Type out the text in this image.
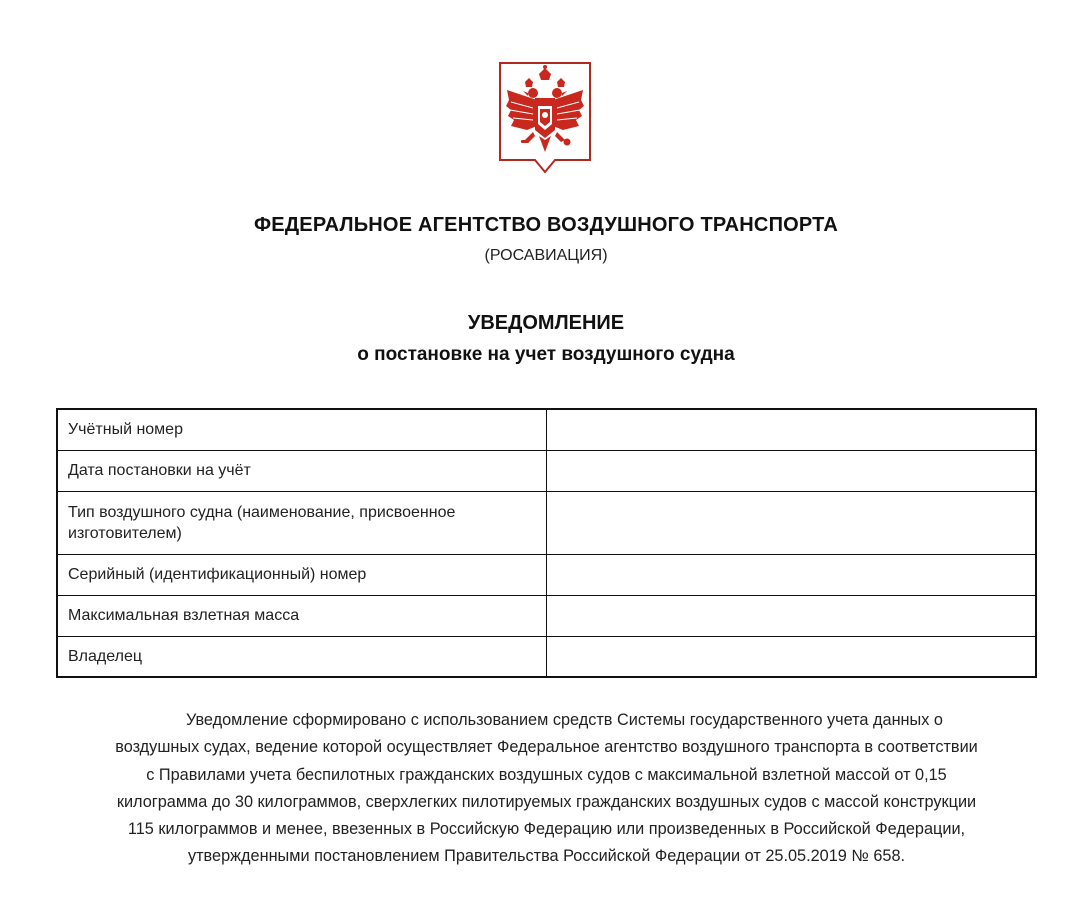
ФЕДЕРАЛЬНОЕ АГЕНТСТВО ВОЗДУШНОГО ТРАНСПОРТА
(РОСАВИАЦИЯ)
УВЕДОМЛЕНИЕ
о постановке на учет воздушного судна
Учётный номер	
Дата постановки на учёт	
Тип воздушного судна (наименование, присвоенное изготовителем)	
Серийный (идентификационный) номер	
Максимальная взлетная масса	
Владелец	
Уведомление сформировано с использованием средств Системы государственного учета данных о
воздушных судах, ведение которой осуществляет Федеральное агентство воздушного транспорта в соответствии
с Правилами учета беспилотных гражданских воздушных судов с максимальной взлетной массой от 0,15
килограмма до 30 килограммов, сверхлегких пилотируемых гражданских воздушных судов с массой конструкции
115 килограммов и менее, ввезенных в Российскую Федерацию или произведенных в Российской Федерации,
утвержденными постановлением Правительства Российской Федерации от 25.05.2019 № 658.
